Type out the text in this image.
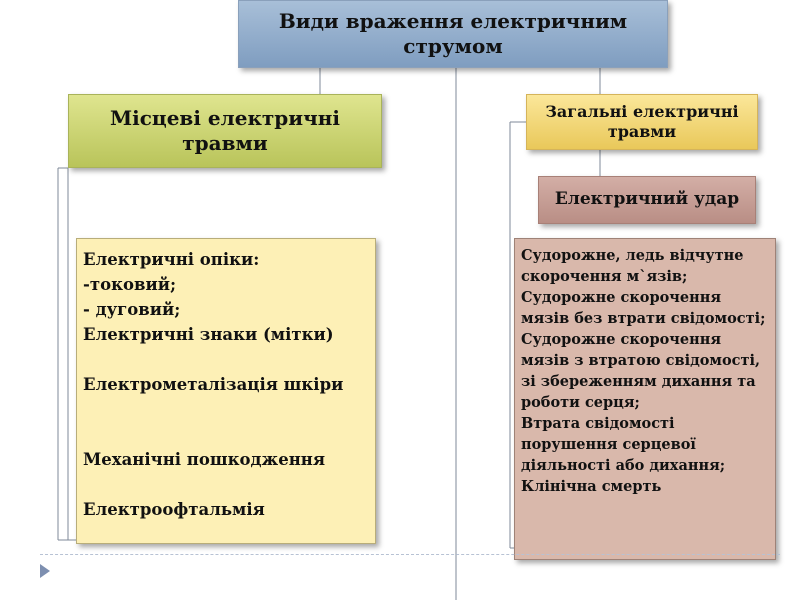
Види враження електричним струмом
Місцеві електричні травми
Загальні електричні травми
Електричний удар
Електричні опіки:
-токовий;
- дуговий;
Електричні знаки (мітки)
Електрометалізація шкіри
Механічні пошкодження
Електроофтальмія
Судорожне, ледь відчутне скорочення м`язів;
Судорожне скорочення мязів без втрати свідомості;
Судорожне скорочення мязів з втратою свідомості, зі збереженням дихання та роботи серця;
Втрата свідомості порушення серцевої діяльності або дихання;
Клінічна смерть
